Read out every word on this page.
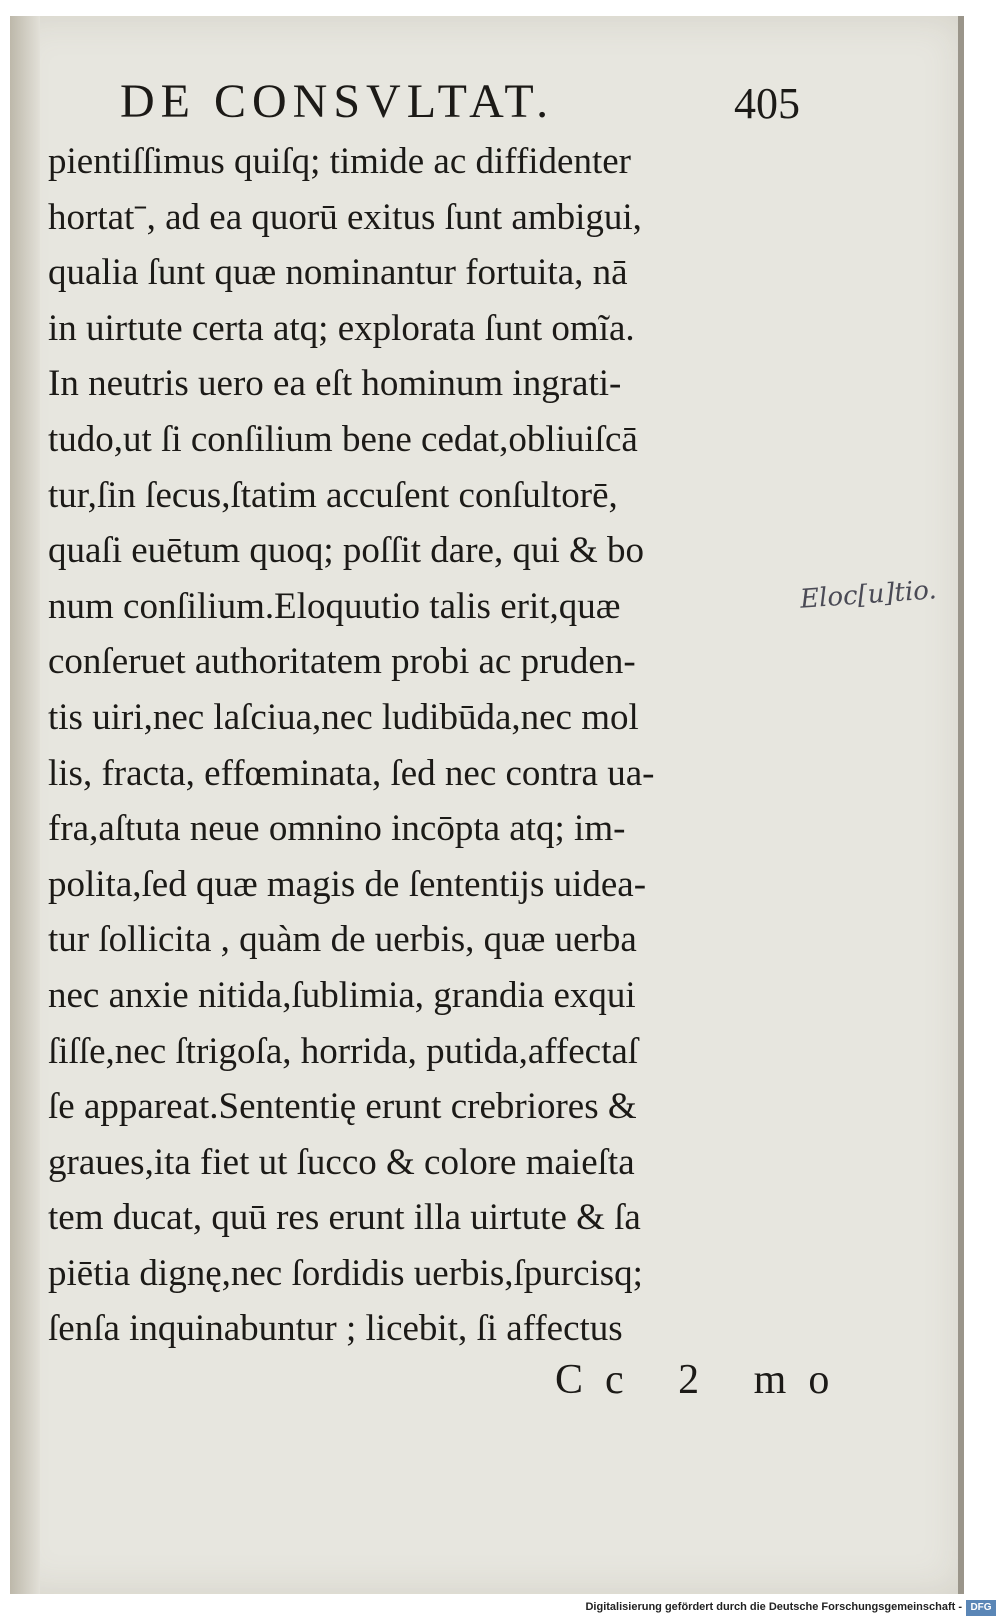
DE CONSVLTAT.	405
pientiſſimus quiſq; timide ac diffidenter
hortatˉ, ad ea quorū exitus ſunt ambigui,
qualia ſunt quæ nominantur fortuita, nā
in uirtute certa atq; explorata ſunt omĩa.
In neutris uero ea eſt hominum ingrati-
tudo,ut ſi conſilium bene cedat,obliuiſcā
tur,ſin ſecus,ſtatim accuſent conſultorē,
quaſi euētum quoq; poſſit dare, qui & bo
num conſilium.Eloquutio talis erit,quæ
conſeruet authoritatem probi ac pruden-
tis uiri,nec laſciua,nec ludibūda,nec mol
lis, fracta, effœminata, ſed nec contra ua-
fra,aſtuta neue omnino incōpta atq; im-
polita,ſed quæ magis de ſententijs uidea-
tur ſollicita , quàm de uerbis, quæ uerba
nec anxie nitida,ſublimia, grandia exqui
ſiſſe,nec ſtrigoſa, horrida, putida,affectaſ
ſe appareat.Sententię erunt crebriores &
graues,ita fiet ut ſucco & colore maieſta
tem ducat, quū res erunt illa uirtute & ſa
piētia dignę,nec ſordidis uerbis,ſpurcisq;
ſenſa inquinabuntur ; licebit, ſi affectus
Cc 2 mo
Eloc[u]tio.
Digitalisierung gefördert durch die Deutsche Forschungsgemeinschaft - DFG
